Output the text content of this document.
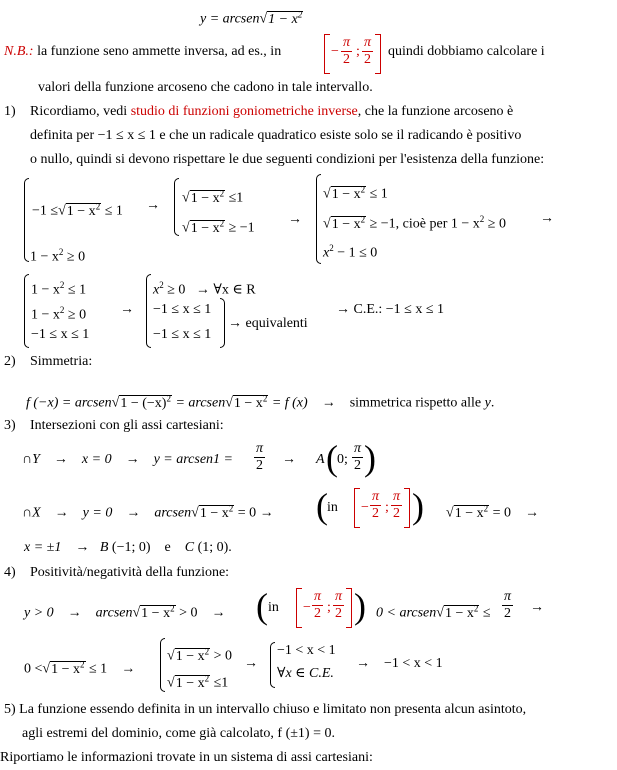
y = arcsen√1 − $x^2$
N.B.: la funzione seno ammette inversa, ad es., in	− $\frac{\pi}{2}$ ; $\frac{\pi}{2}$ quindi dobbiamo calcolare i
valori della funzione arcoseno che cadono in tale intervallo.
1) Ricordiamo, vedi studio di funzioni goniometriche inverse, che la funzione arcoseno è
definita per −1 ≤ x ≤ 1 e che un radicale quadratico esiste solo se il radicando è positivo
o nullo, quindi si devono rispettare le due seguenti condizioni per l'esistenza della funzione:
$-1 \le√1 - x^2 \le 1$
$1 - x^2 \ge 0$
→ $√1 - x^2 \le 1$
$√1 - x^2 \ge -1$
→
$√1 - x^2 \le 1$
$√1 - x^2 \ge -1$, cioè per $1 - x^2 \ge 0$ →
$x^2 - 1 \le 0$
$1 - x^2 \le 1$
$1 - x^2 \ge 0$
−1 ≤ x ≤ 1
→
$x^2 \ge 0$ → ∀x ∈ R
−1 ≤ x ≤ 1
−1 ≤ x ≤ 1
→ equivalenti
→ C.E.: −1 ≤ x ≤ 1
2) Simmetria:
f (−x) = arcsen√1 − $(-x)^2$ = arcsen√1 − $x^2 = f$ (x) → simmetrica rispetto alle y.
3) Intersezioni con gli assi cartesiani:
∩Y → x = 0 → y = arcsen1 = $\frac{\pi}{2} \to A$ ( 0; $\frac{\pi}{2}$ )
∩X → y = 0 → arcsen√1 − $x^2 = 0$ → ( in − $\frac{\pi}{2}$ ; $\frac{\pi}{2}$ ) $√1 - x^2 = 0$ →
x = ±1 → B (−1; 0) e C (1; 0).
4) Positività/negatività della funzione:
y > 0 → arcsen√1 − $x^2 > 0$ → ( in − $\frac{\pi}{2}$ ; $\frac{\pi}{2}$ ) 0 < arcsen√1 − $x^2 \le \frac{\pi}{2}$ →
$0 <√1 - x^2 \le 1$ →
$√1 - x^2 > 0$
$√1 - x^2 \le 1$
→
−1 < x < 1
∀x ∈ C.E.
→ −1 < x < 1
5) La funzione essendo definita in un intervallo chiuso e limitato non presenta alcun asintoto,
agli estremi del dominio, come già calcolato, f (±1) = 0.
Riportiamo le informazioni trovate in un sistema di assi cartesiani:
